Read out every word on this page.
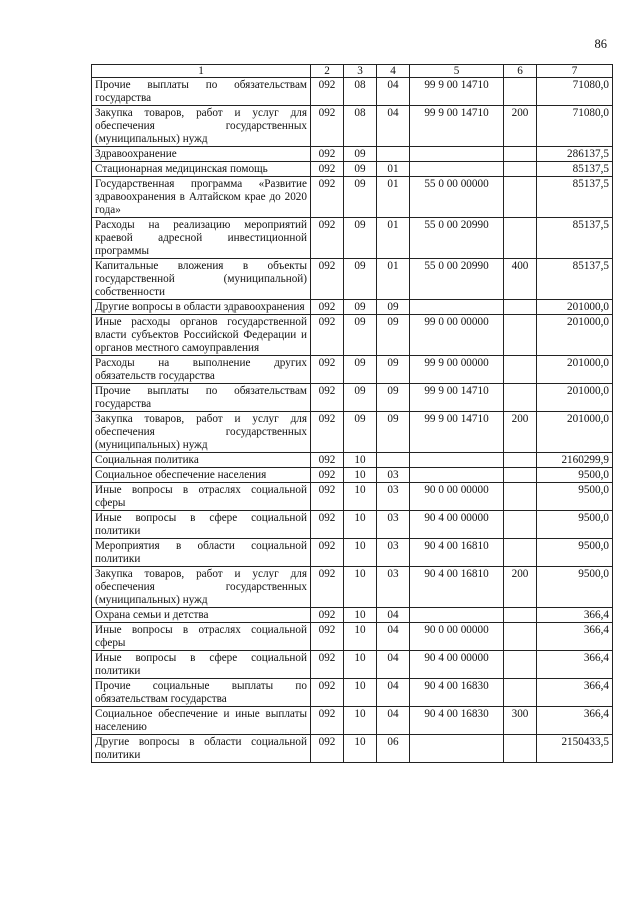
86
1	2	3	4	5	6	7
Прочие выплаты по обязательствам государства	092	08	04	99 9 00 14710		71080,0
Закупка товаров, работ и услуг для обеспечения государственных (муниципальных) нужд	092	08	04	99 9 00 14710	200	71080,0
Здравоохранение	092	09				286137,5
Стационарная медицинская помощь	092	09	01			85137,5
Государственная программа «Развитие здравоохранения в Алтайском крае до 2020 года»	092	09	01	55 0 00 00000		85137,5
Расходы на реализацию мероприятий краевой адресной инвестиционной программы	092	09	01	55 0 00 20990		85137,5
Капитальные вложения в объекты государственной (муниципальной) собственности	092	09	01	55 0 00 20990	400	85137,5
Другие вопросы в области здравоохранения	092	09	09			201000,0
Иные расходы органов государственной власти субъектов Российской Федерации и органов местного самоуправления	092	09	09	99 0 00 00000		201000,0
Расходы на выполнение других обязательств государства	092	09	09	99 9 00 00000		201000,0
Прочие выплаты по обязательствам государства	092	09	09	99 9 00 14710		201000,0
Закупка товаров, работ и услуг для обеспечения государственных (муниципальных) нужд	092	09	09	99 9 00 14710	200	201000,0
Социальная политика	092	10				2160299,9
Социальное обеспечение населения	092	10	03			9500,0
Иные вопросы в отраслях социальной сферы	092	10	03	90 0 00 00000		9500,0
Иные вопросы в сфере социальной политики	092	10	03	90 4 00 00000		9500,0
Мероприятия в области социальной политики	092	10	03	90 4 00 16810		9500,0
Закупка товаров, работ и услуг для обеспечения государственных (муниципальных) нужд	092	10	03	90 4 00 16810	200	9500,0
Охрана семьи и детства	092	10	04			366,4
Иные вопросы в отраслях социальной сферы	092	10	04	90 0 00 00000		366,4
Иные вопросы в сфере социальной политики	092	10	04	90 4 00 00000		366,4
Прочие социальные выплаты по обязательствам государства	092	10	04	90 4 00 16830		366,4
Социальное обеспечение и иные выплаты населению	092	10	04	90 4 00 16830	300	366,4
Другие вопросы в области социальной политики	092	10	06			2150433,5
